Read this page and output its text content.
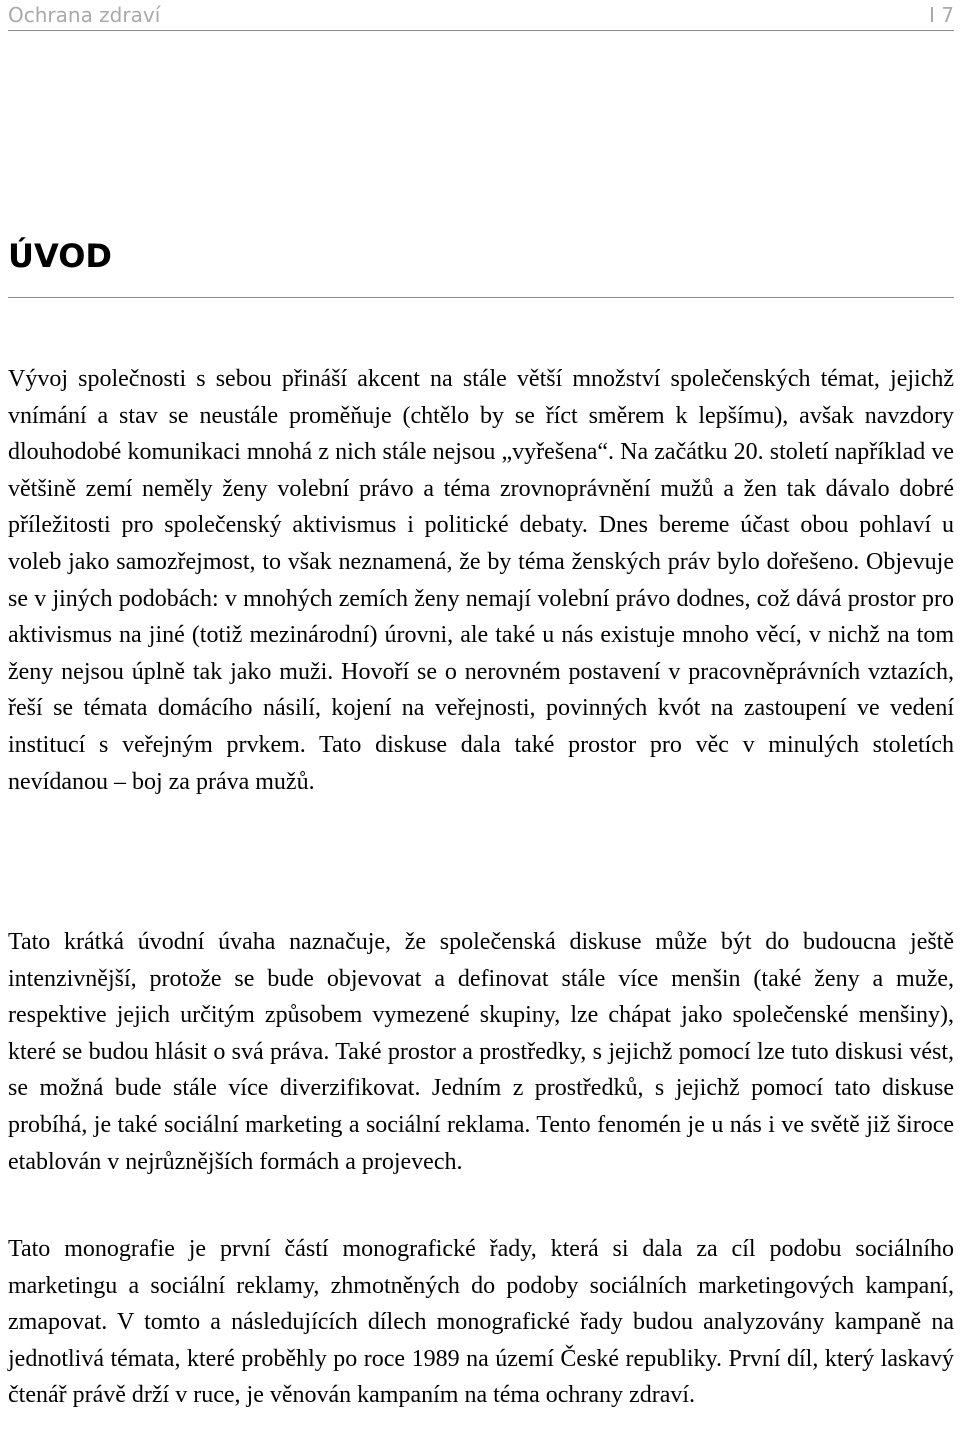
Ochrana zdraví	I 7
ÚVOD

Vývoj společnosti s sebou přináší akcent na stále větší množství společenských témat, jejichž vnímání a stav se neustále proměňuje (chtělo by se říct směrem k lepšímu), avšak navzdory dlouhodobé komunikaci mnohá z nich stále nejsou „vyřešena“. Na začátku 20. století například ve většině zemí neměly ženy volební právo a téma zrovnoprávnění mužů a žen tak dávalo dobré příležitosti pro společenský aktivismus i politické debaty. Dnes bereme účast obou pohlaví u voleb jako samozřejmost, to však neznamená, že by téma ženských práv bylo dořešeno. Objevuje se v jiných podobách: v mnohých zemích ženy nemají volební právo dodnes, což dává prostor pro aktivismus na jiné (totiž mezinárodní) úrovni, ale také u nás existuje mnoho věcí, v nichž na tom ženy nejsou úplně tak jako muži. Hovoří se o nerovném postavení v pracovněprávních vztazích, řeší se témata domácího násilí, kojení na veřejnosti, povinných kvót na zastoupení ve vedení institucí s veřejným prvkem. Tato diskuse dala také prostor pro věc v minulých stoletích nevídanou – boj za práva mužů.

Tato krátká úvodní úvaha naznačuje, že společenská diskuse může být do budoucna ještě intenzivnější, protože se bude objevovat a definovat stále více menšin (také ženy a muže, respektive jejich určitým způsobem vymezené skupiny, lze chápat jako společenské menšiny), které se budou hlásit o svá práva. Také prostor a prostředky, s jejichž pomocí lze tuto diskusi vést, se možná bude stále více diverzifikovat. Jedním z prostředků, s jejichž pomocí tato diskuse probíhá, je také sociální marketing a sociální reklama. Tento fenomén je u nás i ve světě již široce etablován v nejrůznějších formách a projevech.

Tato monografie je první částí monografické řady, která si dala za cíl podobu sociálního marketingu a sociální reklamy, zhmotněných do podoby sociálních marketingových kampaní, zmapovat. V tomto a následujících dílech monografické řady budou analyzovány kampaně na jednotlivá témata, které proběhly po roce 1989 na území České republiky. První díl, který laskavý čtenář právě drží v ruce, je věnován kampaním na téma ochrany zdraví.
